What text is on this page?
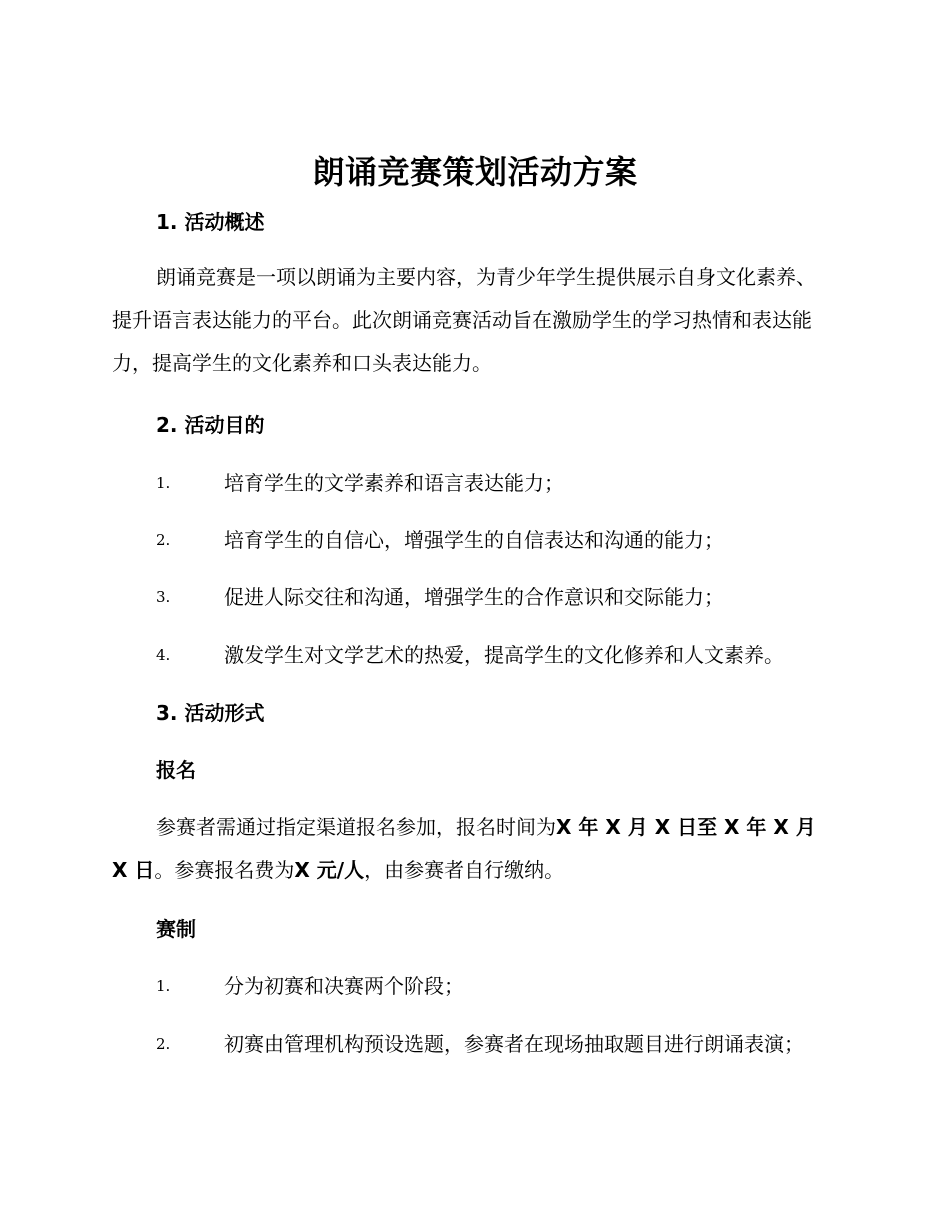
朗诵竞赛策划活动方案
1. 活动概述

朗诵竞赛是一项以朗诵为主要内容，为青少年学生提供展示自身文化素养、提升语言表达能力的平台。此次朗诵竞赛活动旨在激励学生的学习热情和表达能力，提高学生的文化素养和口头表达能力。

2. 活动目的
1.	培育学生的文学素养和语言表达能力；
2.	培育学生的自信心，增强学生的自信表达和沟通的能力；
3.	促进人际交往和沟通，增强学生的合作意识和交际能力；
4.	激发学生对文学艺术的热爱，提高学生的文化修养和人文素养。
3. 活动形式
报名

参赛者需通过指定渠道报名参加，报名时间为X 年 X 月 X 日至 X 年 X 月 X 日。参赛报名费为X 元/人，由参赛者自行缴纳。

赛制
1.	分为初赛和决赛两个阶段；
2.	初赛由管理机构预设选题，参赛者在现场抽取题目进行朗诵表演；
